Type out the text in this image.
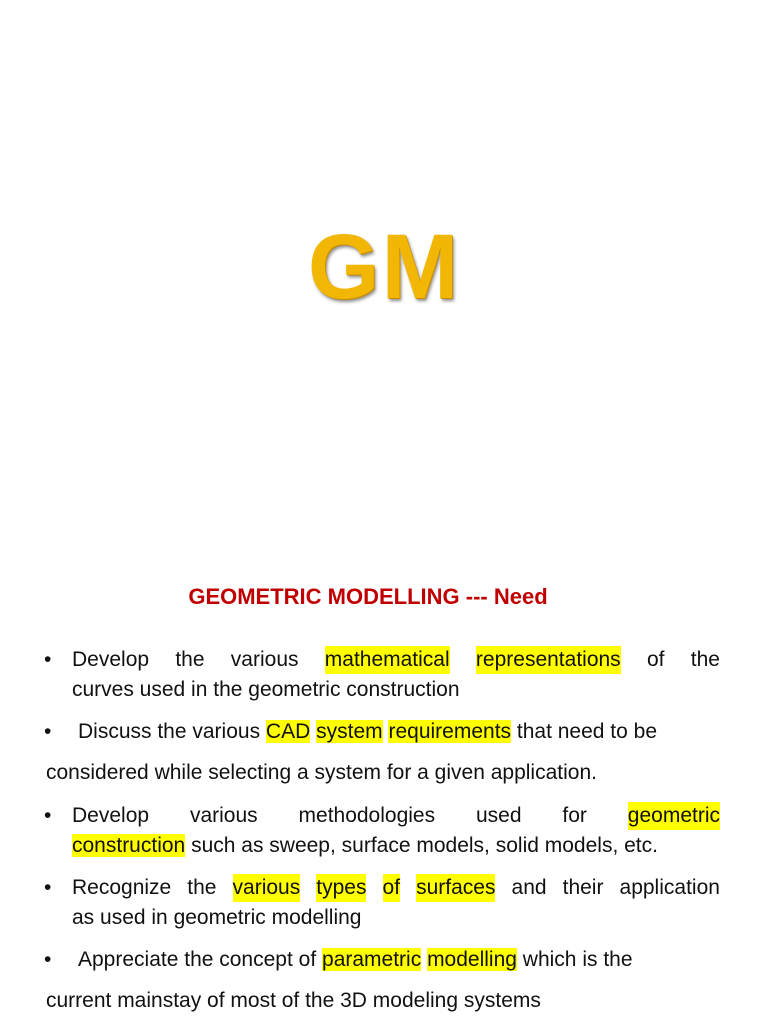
GM
GEOMETRIC MODELLING --- Need
• Develop the various mathematical representations of the
curves used in the geometric construction
• Discuss the various CAD system requirements that need to be
considered while selecting a system for a given application.
• Develop various methodologies used for geometric
construction such as sweep, surface models, solid models, etc.
• Recognize the various types of surfaces and their application
as used in geometric modelling
• Appreciate the concept of parametric modelling which is the
current mainstay of most of the 3D modeling systems
